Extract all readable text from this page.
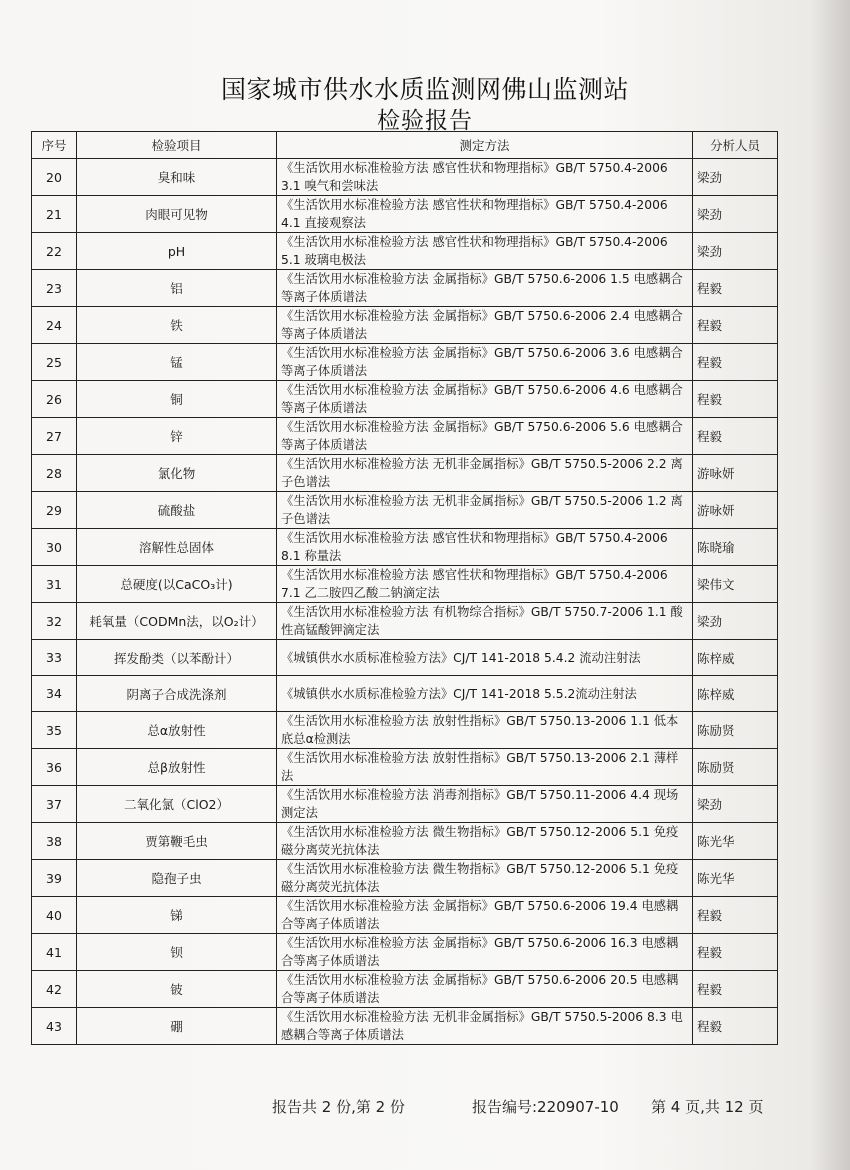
国家城市供水水质监测网佛山监测站
检验报告
序号	检验项目	测定方法	分析人员
20	臭和味	《生活饮用水标准检验方法 感官性状和物理指标》GB/T 5750.4-2006 3.1 嗅气和尝味法	梁劲
21	肉眼可见物	《生活饮用水标准检验方法 感官性状和物理指标》GB/T 5750.4-2006 4.1 直接观察法	梁劲
22	pH	《生活饮用水标准检验方法 感官性状和物理指标》GB/T 5750.4-2006 5.1 玻璃电极法	梁劲
23	铝	《生活饮用水标准检验方法 金属指标》GB/T 5750.6-2006 1.5 电感耦合等离子体质谱法	程毅
24	铁	《生活饮用水标准检验方法 金属指标》GB/T 5750.6-2006 2.4 电感耦合等离子体质谱法	程毅
25	锰	《生活饮用水标准检验方法 金属指标》GB/T 5750.6-2006 3.6 电感耦合等离子体质谱法	程毅
26	铜	《生活饮用水标准检验方法 金属指标》GB/T 5750.6-2006 4.6 电感耦合等离子体质谱法	程毅
27	锌	《生活饮用水标准检验方法 金属指标》GB/T 5750.6-2006 5.6 电感耦合等离子体质谱法	程毅
28	氯化物	《生活饮用水标准检验方法 无机非金属指标》GB/T 5750.5-2006 2.2 离子色谱法	游咏妍
29	硫酸盐	《生活饮用水标准检验方法 无机非金属指标》GB/T 5750.5-2006 1.2 离子色谱法	游咏妍
30	溶解性总固体	《生活饮用水标准检验方法 感官性状和物理指标》GB/T 5750.4-2006 8.1 称量法	陈晓瑜
31	总硬度(以CaCO₃计)	《生活饮用水标准检验方法 感官性状和物理指标》GB/T 5750.4-2006 7.1 乙二胺四乙酸二钠滴定法	梁伟文
32	耗氧量（CODMn法，以O₂计）	《生活饮用水标准检验方法 有机物综合指标》GB/T 5750.7-2006 1.1 酸性高锰酸钾滴定法	梁劲
33	挥发酚类（以苯酚计）	《城镇供水水质标准检验方法》CJ/T 141-2018 5.4.2 流动注射法	陈梓威
34	阴离子合成洗涤剂	《城镇供水水质标准检验方法》CJ/T 141-2018 5.5.2流动注射法	陈梓威
35	总α放射性	《生活饮用水标准检验方法 放射性指标》GB/T 5750.13-2006 1.1 低本底总α检测法	陈励贤
36	总β放射性	《生活饮用水标准检验方法 放射性指标》GB/T 5750.13-2006 2.1 薄样法	陈励贤
37	二氧化氯（ClO2）	《生活饮用水标准检验方法 消毒剂指标》GB/T 5750.11-2006 4.4 现场测定法	梁劲
38	贾第鞭毛虫	《生活饮用水标准检验方法 微生物指标》GB/T 5750.12-2006 5.1 免疫磁分离荧光抗体法	陈光华
39	隐孢子虫	《生活饮用水标准检验方法 微生物指标》GB/T 5750.12-2006 5.1 免疫磁分离荧光抗体法	陈光华
40	锑	《生活饮用水标准检验方法 金属指标》GB/T 5750.6-2006 19.4 电感耦合等离子体质谱法	程毅
41	钡	《生活饮用水标准检验方法 金属指标》GB/T 5750.6-2006 16.3 电感耦合等离子体质谱法	程毅
42	铍	《生活饮用水标准检验方法 金属指标》GB/T 5750.6-2006 20.5 电感耦合等离子体质谱法	程毅
43	硼	《生活饮用水标准检验方法 无机非金属指标》GB/T 5750.5-2006 8.3 电感耦合等离子体质谱法	程毅
报告共 2 份,第 2 份	报告编号:220907-10 第 4 页,共 12 页
